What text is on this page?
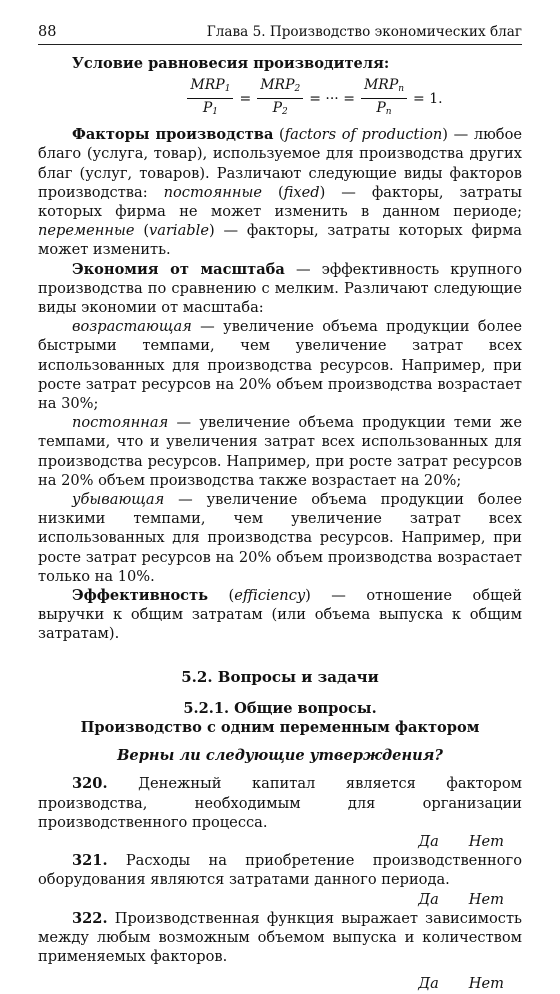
88	Глава 5. Производство экономических благ

Условие равновесия производителя:

$\frac{MRP_1}{P_1} = \frac{MRP_2}{P_2}$ = ··· = $\frac{MRP_n}{P_n} = 1$.

Факторы производства (factors of production) — любое благо (услуга, товар), используемое для производства других благ (услуг, товаров). Различают следующие виды факторов производства: постоянные (fixed) — факторы, затраты которых фирма не может изменить в данном периоде; переменные (variable) — факторы, затраты которых фирма может изменить.

Экономия от масштаба — эффективность крупного производства по сравнению с мелким. Различают следующие виды экономии от масштаба:

возрастающая — увеличение объема продукции более быстрыми темпами, чем увеличение затрат всех использованных для производства ресурсов. Например, при росте затрат ресурсов на 20% объем производства возрастает на 30%;

постоянная — увеличение объема продукции теми же темпами, что и увеличения затрат всех использованных для производства ресурсов. Например, при росте затрат ресурсов на 20% объем производства также возрастает на 20%;

убывающая — увеличение объема продукции более низкими темпами, чем увеличение затрат всех использованных для производства ресурсов. Например, при росте затрат ресурсов на 20% объем производства возрастает только на 10%.

Эффективность (efficiency) — отношение общей выручки к общим затратам (или объема выпуска к общим затратам).

5.2. Вопросы и задачи
5.2.1. Общие вопросы.
Производство с одним переменным фактором
Верны ли следующие утверждения?

320. Денежный капитал является фактором производства, необходимым для организации производственного процесса.

Да Нет

321. Расходы на приобретение производственного оборудования являются затратами данного периода.

Да Нет

322. Производственная функция выражает зависимость между любым возможным объемом выпуска и количеством применяемых факторов.

Да Нет
